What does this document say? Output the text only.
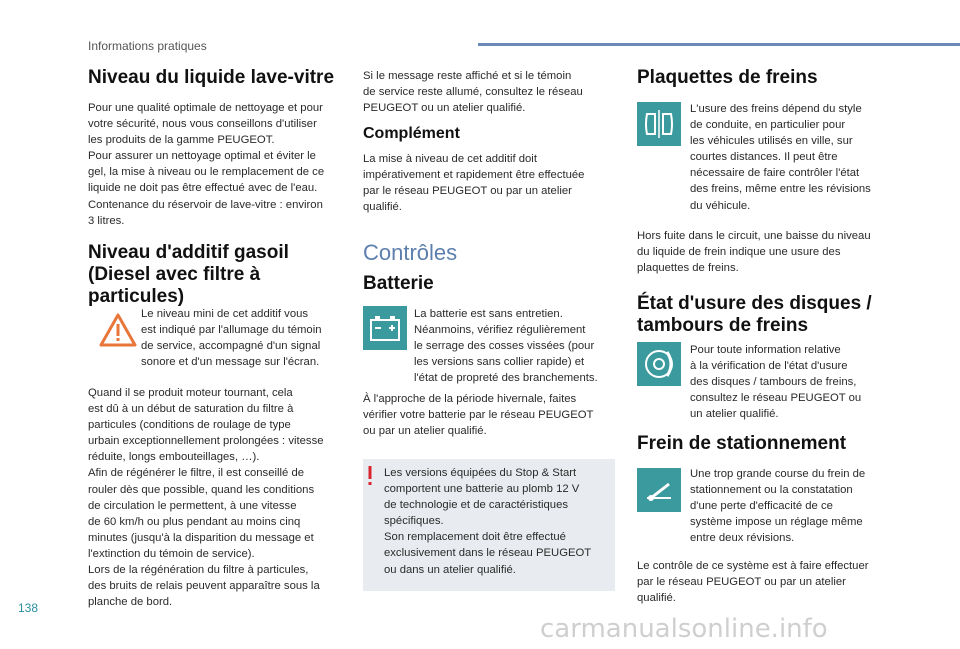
Informations pratiques
Niveau du liquide lave-vitre

Pour une qualité optimale de nettoyage et pour
votre sécurité, nous vous conseillons d'utiliser
les produits de la gamme PEUGEOT.
Pour assurer un nettoyage optimal et éviter le
gel, la mise à niveau ou le remplacement de ce
liquide ne doit pas être effectué avec de l'eau.
Contenance du réservoir de lave-vitre : environ
3 litres.

Niveau d'additif gasoil
(Diesel avec filtre à
particules)

Le niveau mini de cet additif vous
est indiqué par l'allumage du témoin
de service, accompagné d'un signal
sonore et d'un message sur l'écran.

Quand il se produit moteur tournant, cela
est dû à un début de saturation du filtre à
particules (conditions de roulage de type
urbain exceptionnellement prolongées : vitesse
réduite, longs embouteillages, …).
Afin de régénérer le filtre, il est conseillé de
rouler dès que possible, quand les conditions
de circulation le permettent, à une vitesse
de 60 km/h ou plus pendant au moins cinq
minutes (jusqu'à la disparition du message et
l'extinction du témoin de service).
Lors de la régénération du filtre à particules,
des bruits de relais peuvent apparaître sous la
planche de bord.

Si le message reste affiché et si le témoin
de service reste allumé, consultez le réseau
PEUGEOT ou un atelier qualifié.

Complément

La mise à niveau de cet additif doit
impérativement et rapidement être effectuée
par le réseau PEUGEOT ou par un atelier
qualifié.

Contrôles
Batterie

La batterie est sans entretien.
Néanmoins, vérifiez régulièrement
le serrage des cosses vissées (pour
les versions sans collier rapide) et
l'état de propreté des branchements.

À l'approche de la période hivernale, faites
vérifier votre batterie par le réseau PEUGEOT
ou par un atelier qualifié.

Les versions équipées du Stop & Start
comportent une batterie au plomb 12 V
de technologie et de caractéristiques
spécifiques.
Son remplacement doit être effectué
exclusivement dans le réseau PEUGEOT
ou dans un atelier qualifié.

Plaquettes de freins

L'usure des freins dépend du style
de conduite, en particulier pour
les véhicules utilisés en ville, sur
courtes distances. Il peut être
nécessaire de faire contrôler l'état
des freins, même entre les révisions
du véhicule.

Hors fuite dans le circuit, une baisse du niveau
du liquide de frein indique une usure des
plaquettes de freins.

État d'usure des disques /
tambours de freins

Pour toute information relative
à la vérification de l'état d'usure
des disques / tambours de freins,
consultez le réseau PEUGEOT ou
un atelier qualifié.

Frein de stationnement

Une trop grande course du frein de
stationnement ou la constatation
d'une perte d'efficacité de ce
système impose un réglage même
entre deux révisions.

Le contrôle de ce système est à faire effectuer
par le réseau PEUGEOT ou par un atelier
qualifié.

138
carmanualsonline.info
